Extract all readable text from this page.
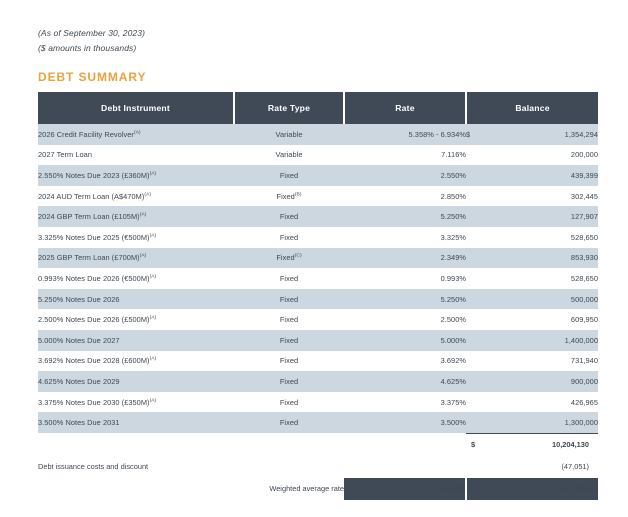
(As of September 30, 2023)
($ amounts in thousands)
DEBT SUMMARY
Debt Instrument	Rate Type	Rate	Balance	
2026 Credit Facility Revolver$^{(A)}$	Variable	5.358% - 6.934%	$	1,354,294
2027 Term Loan	Variable	7.116%		200,000
2.550% Notes Due 2023 (£360M)$^{(A)}$	Fixed	2.550%		439,399
2024 AUD Term Loan (A$470M)$^{(A)}$	Fixed$^{(B)}$	2.850%		302,445
2024 GBP Term Loan (£105M)$^{(A)}$	Fixed	5.250%		127,907
3.325% Notes Due 2025 (€500M)$^{(A)}$	Fixed	3.325%		528,650
2025 GBP Term Loan (£700M)$^{(A)}$	Fixed$^{(C)}$	2.349%		853,930
0.993% Notes Due 2026 (€500M)$^{(A)}$	Fixed	0.993%		528,650
5.250% Notes Due 2026	Fixed	5.250%		500,000
2.500% Notes Due 2026 (£500M)$^{(A)}$	Fixed	2.500%		609,950
5.000% Notes Due 2027	Fixed	5.000%		1,400,000
3.692% Notes Due 2028 (£600M)$^{(A)}$	Fixed	3.692%		731,940
4.625% Notes Due 2029	Fixed	4.625%		900,000
3.375% Notes Due 2030 (£350M)$^{(A)}$	Fixed	3.375%		426,965
3.500% Notes Due 2031	Fixed	3.500%		1,300,000
			$	10,204,130
Debt issuance costs and discount				(47,051)
	Weighted average rate	4.041%	$	10,157,079
